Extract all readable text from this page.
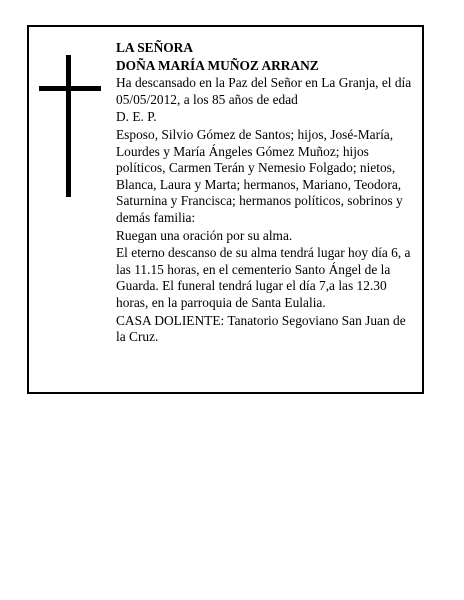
LA SEÑORA

DOÑA MARÍA MUÑOZ ARRANZ

Ha descansado en la Paz del Señor en La Granja, el día 05/05/2012, a los 85 años de edad

D. E. P.

Esposo, Silvio Gómez de Santos; hijos, José-María, Lourdes y María Ángeles Gómez Muñoz; hijos políticos, Carmen Terán y Nemesio Folgado; nietos, Blanca, Laura y Marta; hermanos, Mariano, Teodora, Saturnina y Francisca; hermanos políticos, sobrinos y demás familia:

Ruegan una oración por su alma.

El eterno descanso de su alma tendrá lugar hoy día 6, a las 11.15 horas, en el cementerio Santo Ángel de la Guarda. El funeral tendrá lugar el día 7,a las 12.30 horas, en la parroquia de Santa Eulalia.

CASA DOLIENTE: Tanatorio Segoviano San Juan de la Cruz.
